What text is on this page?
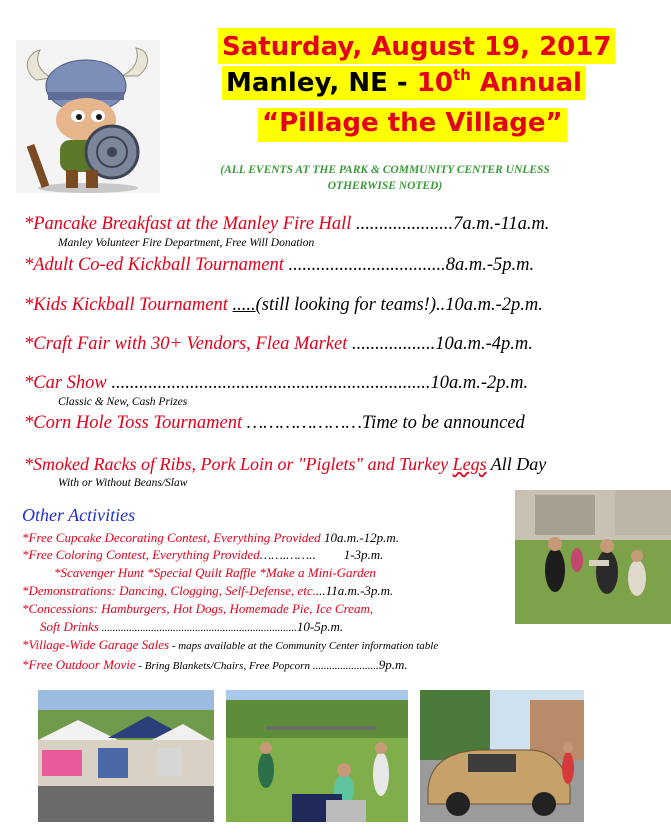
Saturday, August 19, 2017
Manley, NE - 10th Annual
“Pillage the Village”
(ALL EVENTS AT THE PARK & COMMUNITY CENTER UNLESS OTHERWISE NOTED)
*Pancake Breakfast at the Manley Fire Hall .....................7a.m.-11a.m.
Manley Volunteer Fire Department, Free Will Donation
*Adult Co-ed Kickball Tournament ..................................8a.m.-5p.m.
*Kids Kickball Tournament .....(still looking for teams!)..10a.m.-2p.m.
*Craft Fair with 30+ Vendors, Flea Market ..................10a.m.-4p.m.
*Car Show .....................................................................10a.m.-2p.m.
Classic & New, Cash Prizes
*Corn Hole Toss Tournament …………………Time to be announced
*Smoked Racks of Ribs, Pork Loin or "Piglets" and Turkey Legs All Day
With or Without Beans/Slaw
Other Activities
*Free Cupcake Decorating Contest, Everything Provided 10a.m.-12p.m.
*Free Coloring Contest, Everything Provided…….…….. 1-3p.m.
*Scavenger Hunt *Special Quilt Raffle *Make a Mini-Garden
*Demonstrations: Dancing, Clogging, Self-Defense, etc....11a.m.-3p.m.
*Concessions: Hamburgers, Hot Dogs, Homemade Pie, Ice Cream,
Soft Drinks .......................................................................10-5p.m.
*Village-Wide Garage Sales - maps available at the Community Center information table
*Free Outdoor Movie - Bring Blankets/Chairs, Free Popcorn ........................9p.m.
